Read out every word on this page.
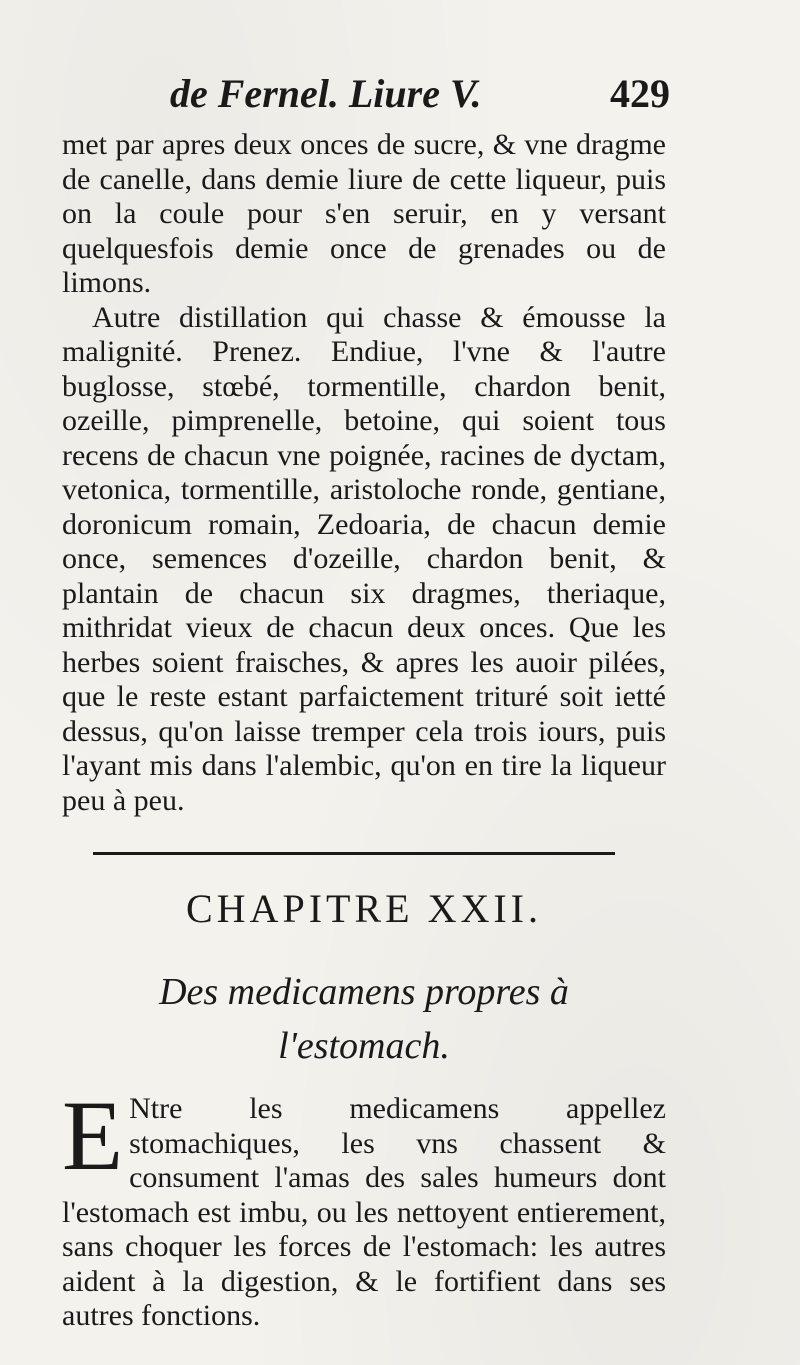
de Fernel. Liure V.	429

met par apres deux onces de sucre, & vne dragme de canelle, dans demie liure de cette liqueur, puis on la coule pour s'en seruir, en y versant quelquesfois demie once de grenades ou de limons.

Autre distillation qui chasse & émousse la malignité. Prenez. Endiue, l'vne & l'autre buglosse, stœbé, tormentille, chardon benit, ozeille, pimprenelle, betoine, qui soient tous recens de chacun vne poignée, racines de dyctam, vetonica, tormentille, aristoloche ronde, gentiane, doronicum romain, Zedoaria, de chacun demie once, semences d'ozeille, chardon benit, & plantain de chacun six dragmes, theriaque, mithridat vieux de chacun deux onces. Que les herbes soient fraisches, & apres les auoir pilées, que le reste estant parfaictement trituré soit ietté dessus, qu'on laisse tremper cela trois iours, puis l'ayant mis dans l'alembic, qu'on en tire la liqueur peu à peu.

CHAPITRE XXII.
Des medicamens propres à
l'estomach.

E Ntre les medicamens appellez stomachiques, les vns chassent & consument l'amas des sales humeurs dont l'estomach est imbu, ou les nettoyent entierement, sans choquer les forces de l'estomach: les autres aident à la digestion, & le fortifient dans ses autres fonctions.
